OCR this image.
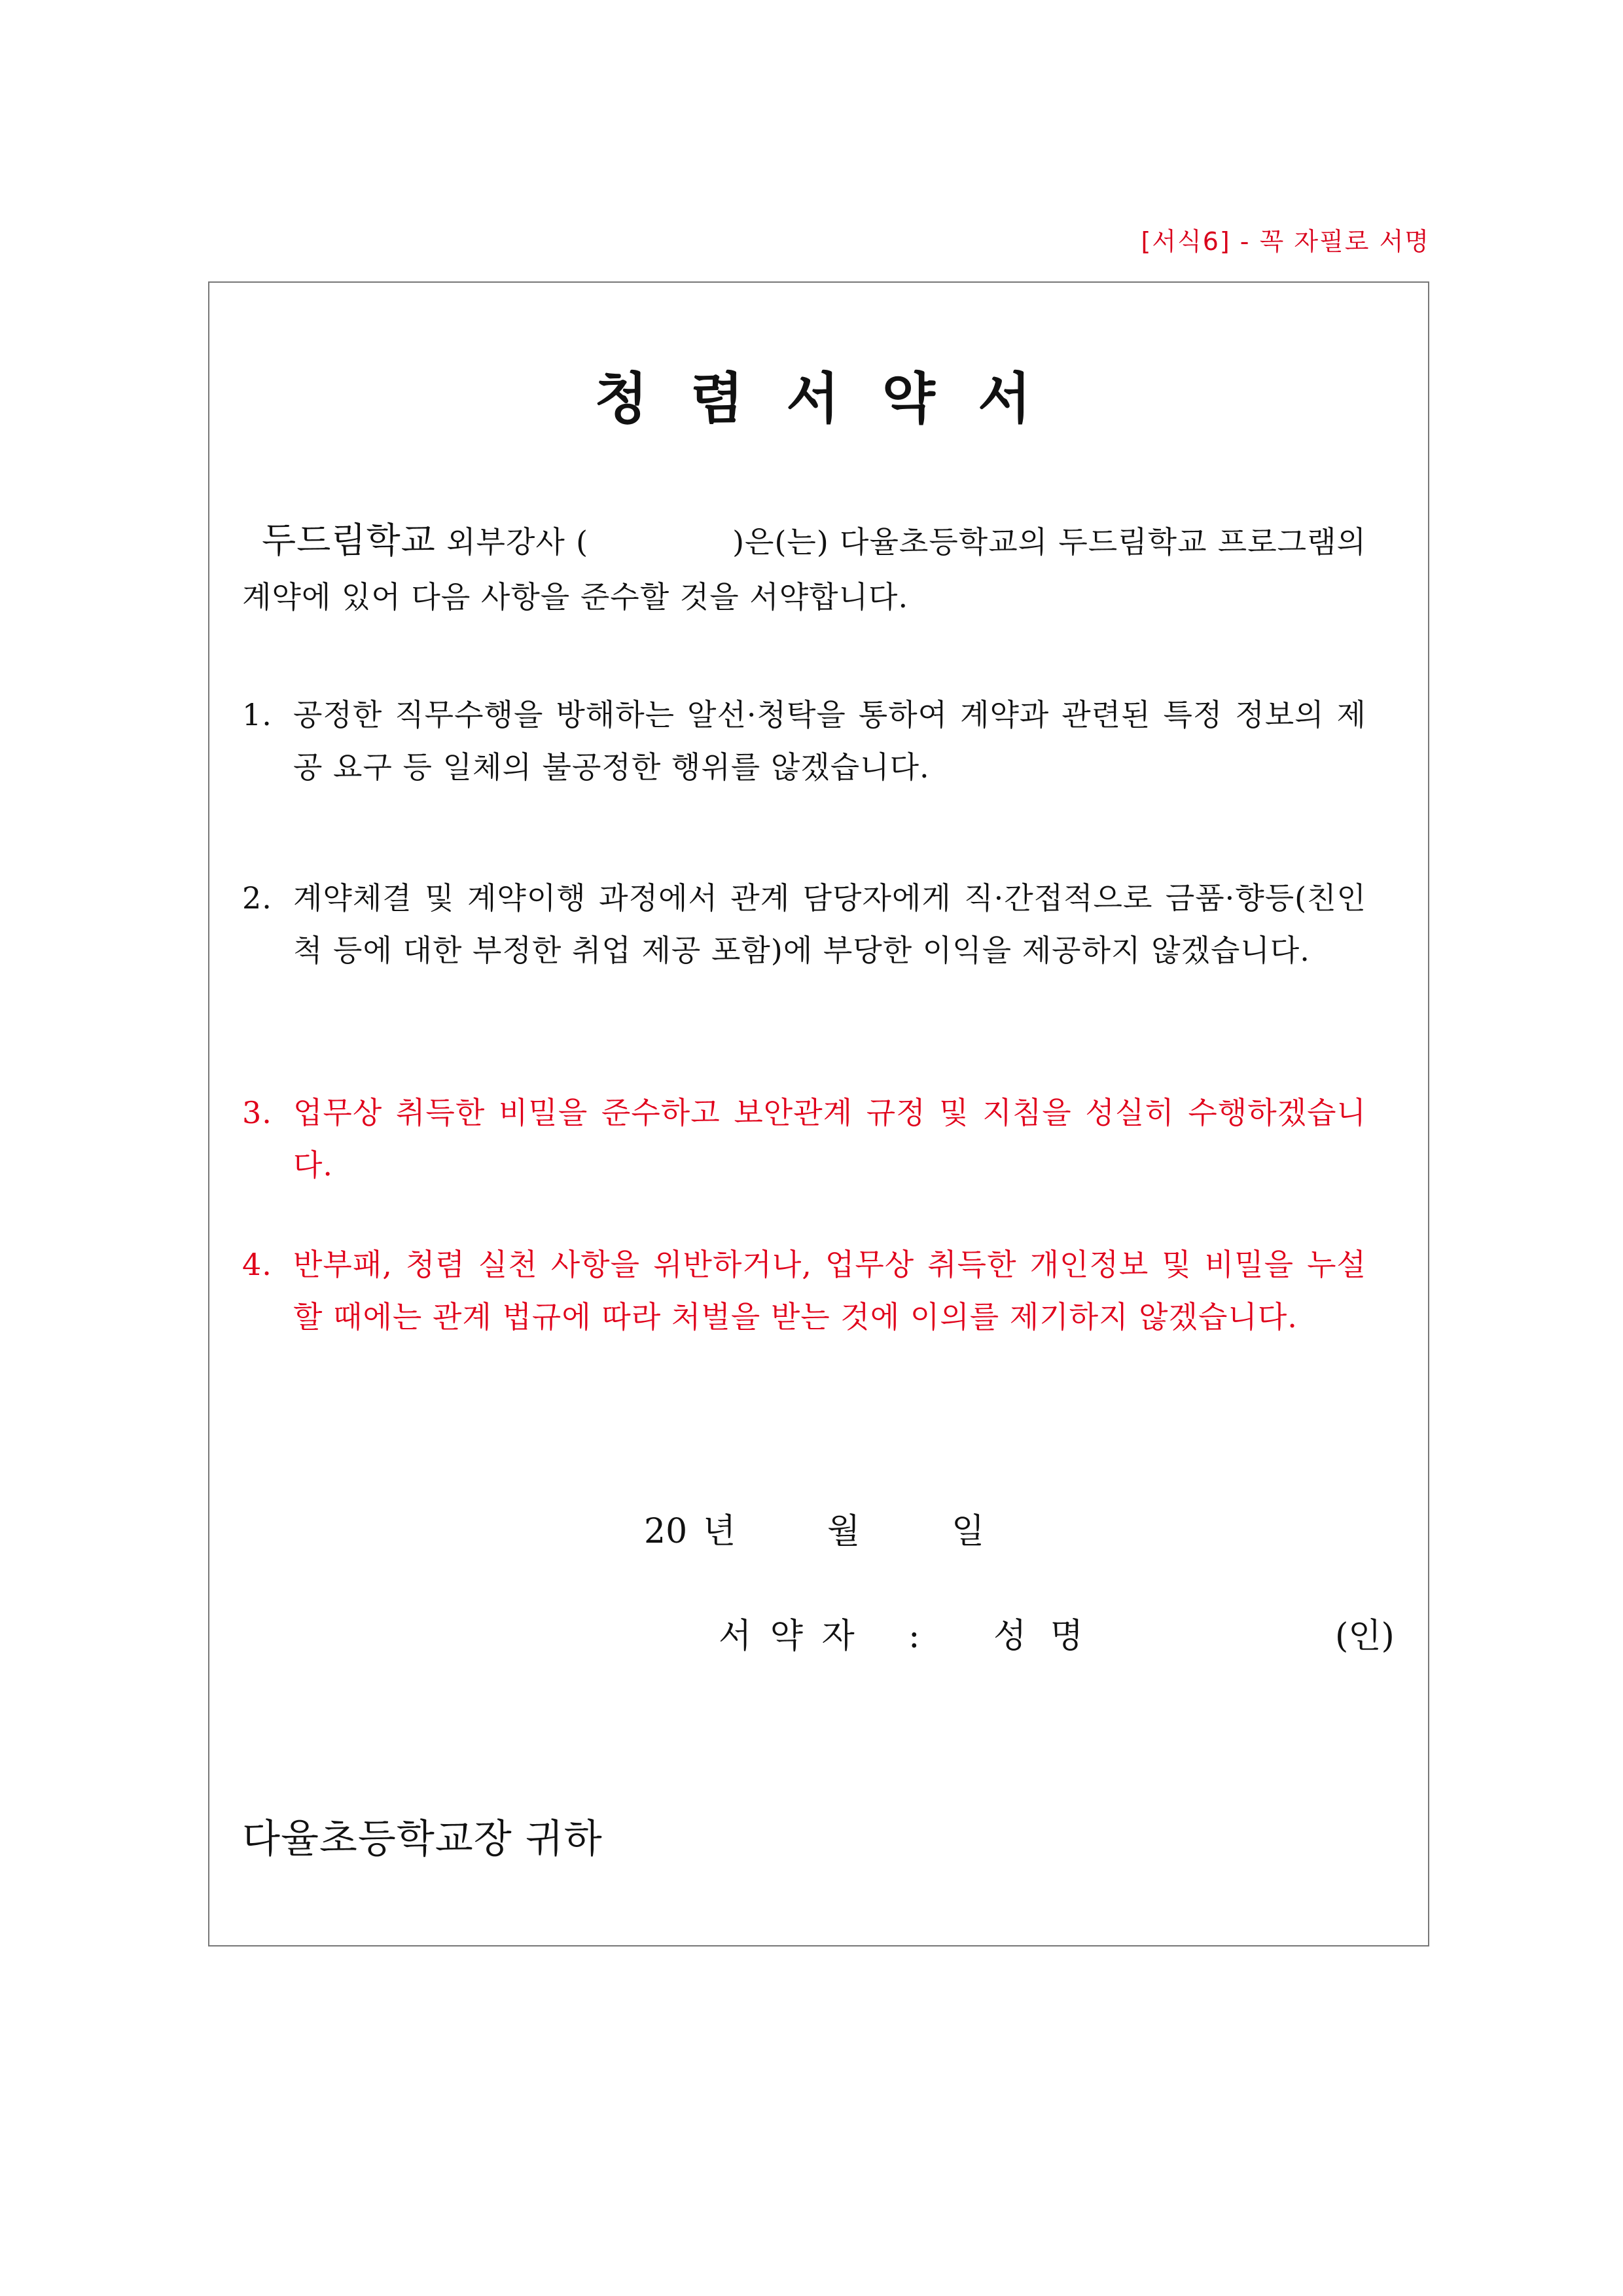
[서식6] - 꼭 자필로 서명
청 렴 서 약 서
두드림학교 외부강사 (	)은(는) 다율초등학교의 두드림학교 프로그램의 계약에 있어 다음 사항을 준수할 것을 서약합니다.
1. 공정한 직무수행을 방해하는 알선·청탁을 통하여 계약과 관련된 특정 정보의 제공 요구 등 일체의 불공정한 행위를 않겠습니다.
2. 계약체결 및 계약이행 과정에서 관계 담당자에게 직·간접적으로 금품·향등(친인척 등에 대한 부정한 취업 제공 포함)에 부당한 이익을 제공하지 않겠습니다.
3. 업무상 취득한 비밀을 준수하고 보안관계 규정 및 지침을 성실히 수행하겠습니다.
4. 반부패, 청렴 실천 사항을 위반하거나, 업무상 취득한 개인정보 및 비밀을 누설할 때에는 관계 법규에 따라 처벌을 받는 것에 이의를 제기하지 않겠습니다.
20 년	월	일
서 약 자 : 성 명	(인)
다율초등학교장 귀하
